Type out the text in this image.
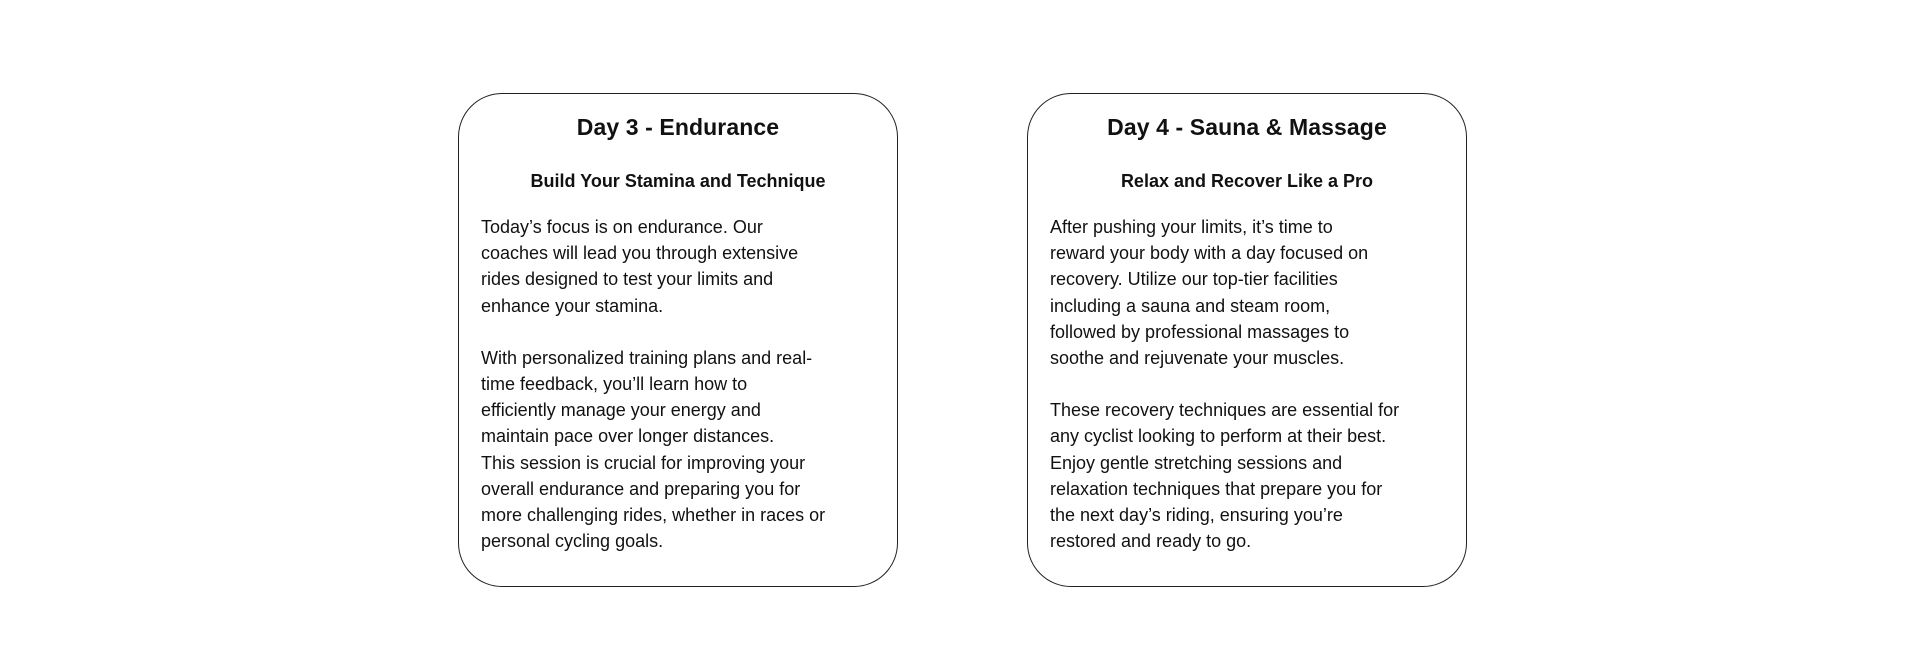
Day 3 - Endurance
Build Your Stamina and Technique

Today’s focus is on endurance. Our
coaches will lead you through extensive
rides designed to test your limits and
enhance your stamina.

With personalized training plans and real-
time feedback, you’ll learn how to
efficiently manage your energy and
maintain pace over longer distances.

This session is crucial for improving your
overall endurance and preparing you for
more challenging rides, whether in races or
personal cycling goals.

Day 4 - Sauna & Massage
Relax and Recover Like a Pro

After pushing your limits, it’s time to
reward your body with a day focused on
recovery. Utilize our top-tier facilities
including a sauna and steam room,
followed by professional massages to
soothe and rejuvenate your muscles.

These recovery techniques are essential for
any cyclist looking to perform at their best.
Enjoy gentle stretching sessions and
relaxation techniques that prepare you for
the next day’s riding, ensuring you’re
restored and ready to go.
